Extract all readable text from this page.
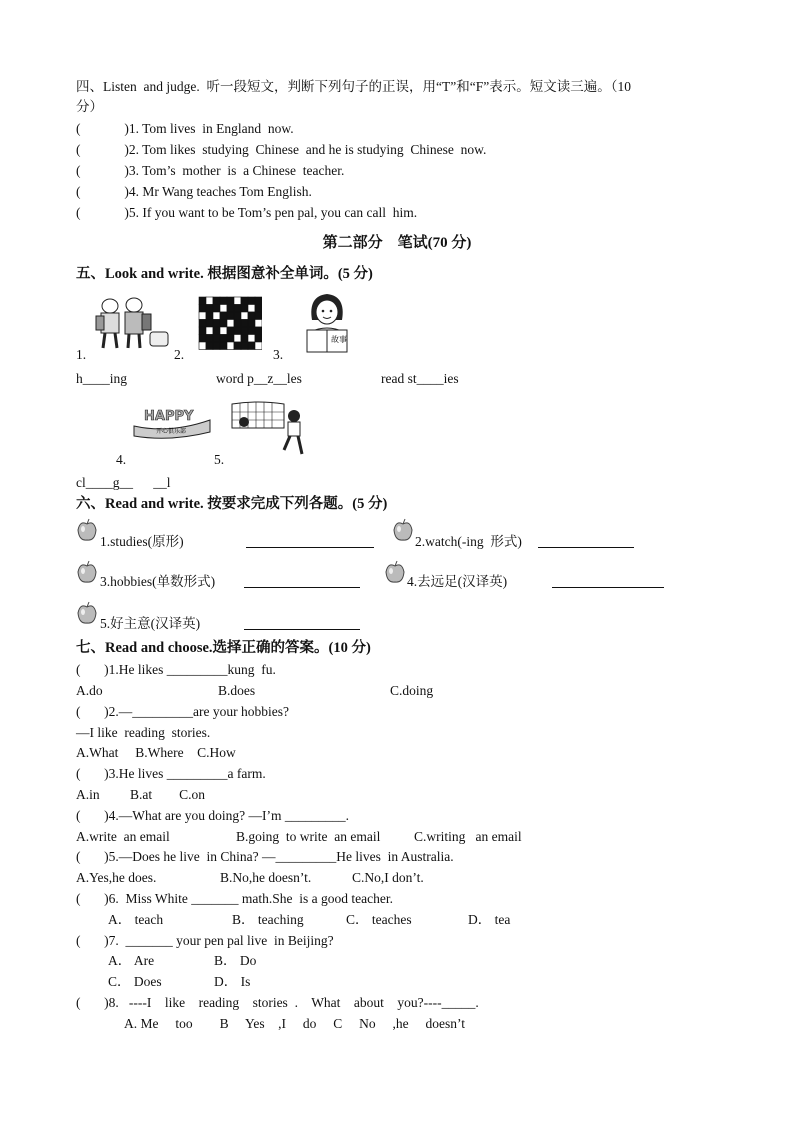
四、Listen  and judge.  听一段短文，判断下列句子的正误，用“T”和“F”表示。短文读三遍。（10
分）
(             )1. Tom lives  in England  now.
(             )2. Tom likes  studying  Chinese  and he is studying  Chinese  now.
(             )3. Tom’s  mother  is  a Chinese  teacher.
(             )4. Mr Wang teaches Tom English.
(             )5. If you want to be Tom’s pen pal, you can call  him.
第二部分    笔试(70 分)
五、Look and write. 根据图意补全单词。(5 分)
故事
1.	2.	3.
h____ing	word p__z__les	read st____ies
HAPPY
开心俱乐部
4.	5.
cl____g__      __l
六、Read and write. 按要求完成下列各题。(5 分)
1.studies(原形)	2.watch(-ing  形式)
3.hobbies(单数形式)	4.去远足(汉译英)
5.好主意(汉译英)
七、Read and choose.选择正确的答案。(10 分)
(       )1.He likes _________kung  fu.
A.do	B.does	C.doing
(       )2.—_________are your hobbies?
—I like  reading  stories.
A.What     B.Where    C.How
(       )3.He lives _________a farm.
A.in         B.at        C.on
(       )4.—What are you doing? —I’m _________.
A.write  an email	B.going  to write  an email C.writing   an email
(       )5.—Does he live  in China? —_________He lives  in Australia.
A.Yes,he does.	B.No,he doesn’t.	C.No,I don’t.
(       )6.  Miss White _______ math.She  is a good teacher.
A． teach	B． teaching	C． teaches	D． tea
(       )7.  _______ your pen pal live  in Beijing?
A． Are	B． Do
C． Does	D． Is
(       )8.   ----I    like    reading    stories  .    What    about    you?----_____.
A. Me     too        B     Yes    ,I     do     C     No     ,he     doesn’t
